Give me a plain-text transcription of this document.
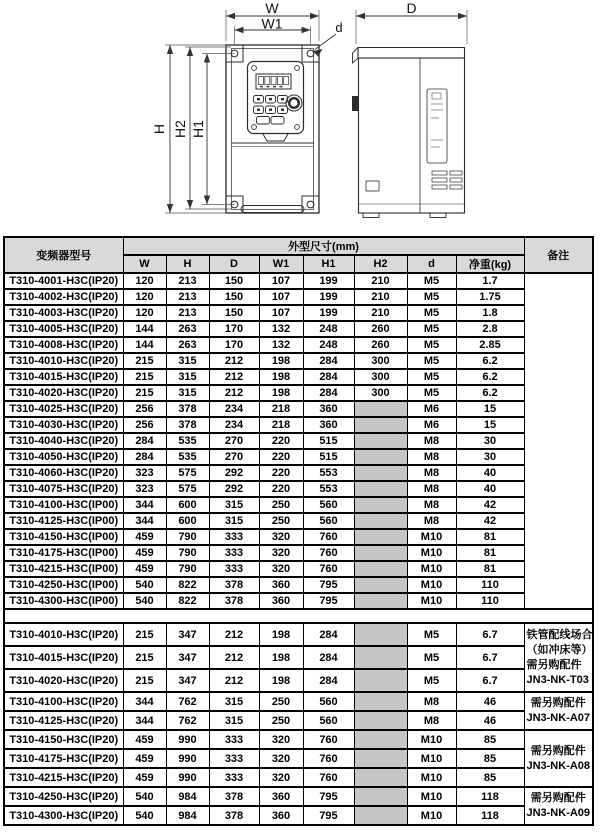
W
W1	d
H H2 H1
D
变频器型号	外型尺寸(mm)								备注
	W	H	D	W1	H1	H2	d	净重(kg)	
T310-4001-H3C(IP20)	120	213	150	107	199	210	M5	1.7	
T310-4002-H3C(IP20)	120	213	150	107	199	210	M5	1.75	
T310-4003-H3C(IP20)	120	213	150	107	199	210	M5	1.8	
T310-4005-H3C(IP20)	144	263	170	132	248	260	M5	2.8	
T310-4008-H3C(IP20)	144	263	170	132	248	260	M5	2.85	
T310-4010-H3C(IP20)	215	315	212	198	284	300	M5	6.2	
T310-4015-H3C(IP20)	215	315	212	198	284	300	M5	6.2	
T310-4020-H3C(IP20)	215	315	212	198	284	300	M5	6.2	
T310-4025-H3C(IP20)	256	378	234	218	360		M6	15	
T310-4030-H3C(IP20)	256	378	234	218	360		M6	15	
T310-4040-H3C(IP20)	284	535	270	220	515		M8	30	
T310-4050-H3C(IP20)	284	535	270	220	515		M8	30	
T310-4060-H3C(IP20)	323	575	292	220	553		M8	40	
T310-4075-H3C(IP20)	323	575	292	220	553		M8	40	
T310-4100-H3C(IP00)	344	600	315	250	560		M8	42	
T310-4125-H3C(IP00)	344	600	315	250	560		M8	42	
T310-4150-H3C(IP00)	459	790	333	320	760		M10	81	
T310-4175-H3C(IP00)	459	790	333	320	760		M10	81	
T310-4215-H3C(IP00)	459	790	333	320	760		M10	81	
T310-4250-H3C(IP00)	540	822	378	360	795		M10	110	
T310-4300-H3C(IP00)	540	822	378	360	795		M10	110	

T310-4010-H3C(IP20)	215	347	212	198	284		M5	6.7	铁管配线场合
（如冲床等）
需另购配件
JN3-NK-T03

T310-4015-H3C(IP20)	215	347	212	198	284		M5	6.7	
T310-4020-H3C(IP20)	215	347	212	198	284		M5	6.7	
T310-4100-H3C(IP20)	344	762	315	250	560		M8	46	需另购配件
JN3-NK-A07

T310-4125-H3C(IP20)	344	762	315	250	560		M8	46	
T310-4150-H3C(IP20)	459	990	333	320	760		M10	85	需另购配件
JN3-NK-A08

T310-4175-H3C(IP20)	459	990	333	320	760		M10	85	
T310-4215-H3C(IP20)	459	990	333	320	760		M10	85	
T310-4250-H3C(IP20)	540	984	378	360	795		M10	118	需另购配件
JN3-NK-A09

T310-4300-H3C(IP20)	540	984	378	360	795		M10	118	
